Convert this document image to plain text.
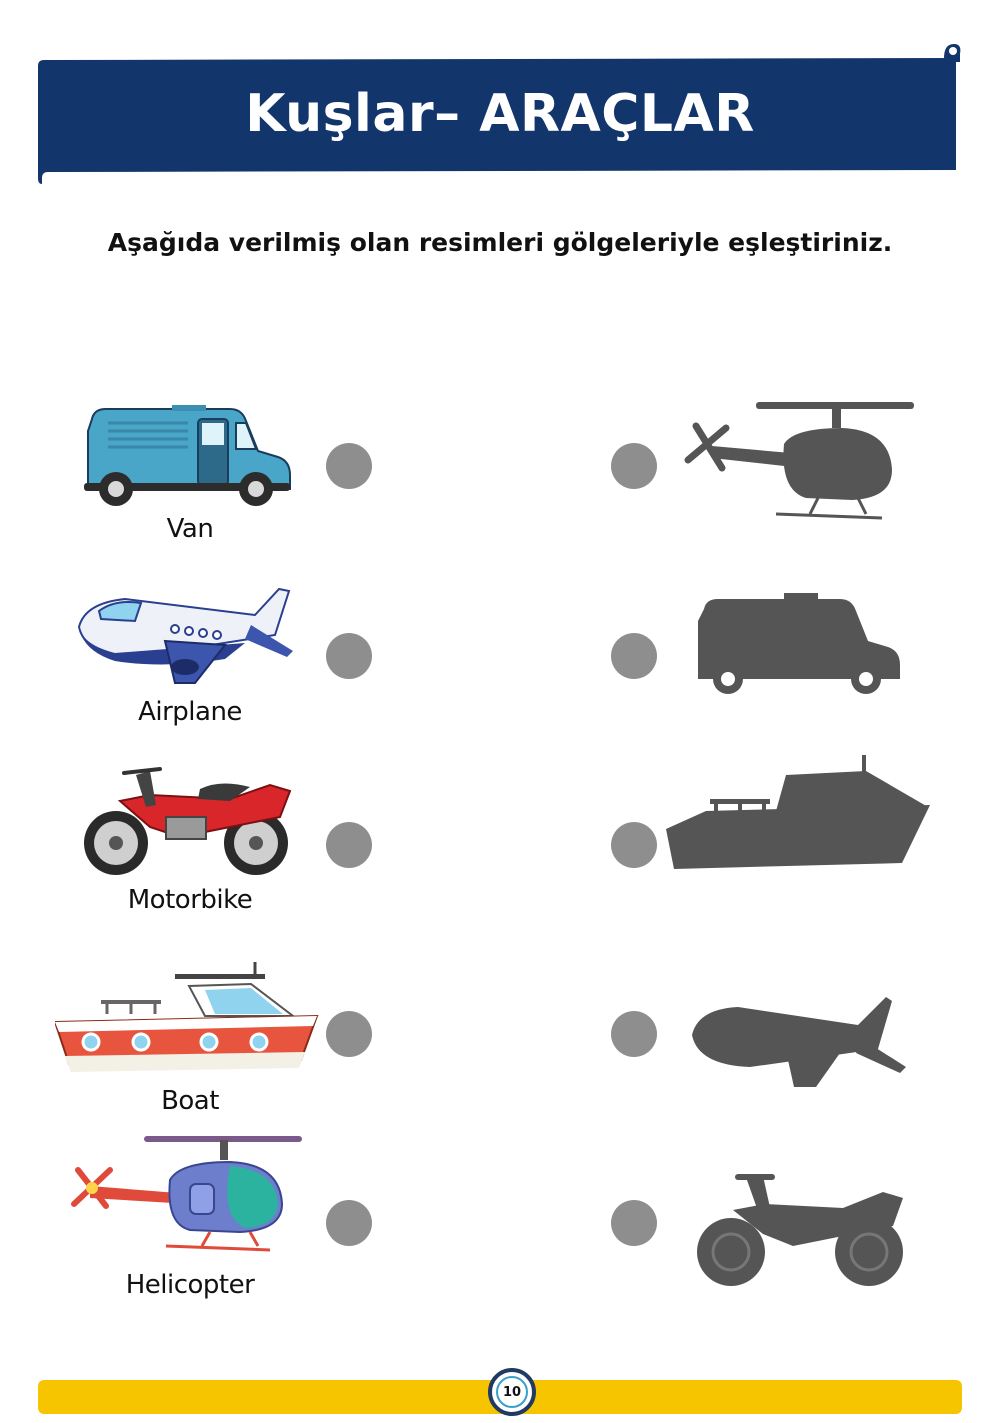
Kuşlar– ARAÇLAR
Aşağıda verilmiş olan resimleri gölgeleriyle eşleştiriniz.
Van
Airplane
Motorbike
Boat
Helicopter
10
